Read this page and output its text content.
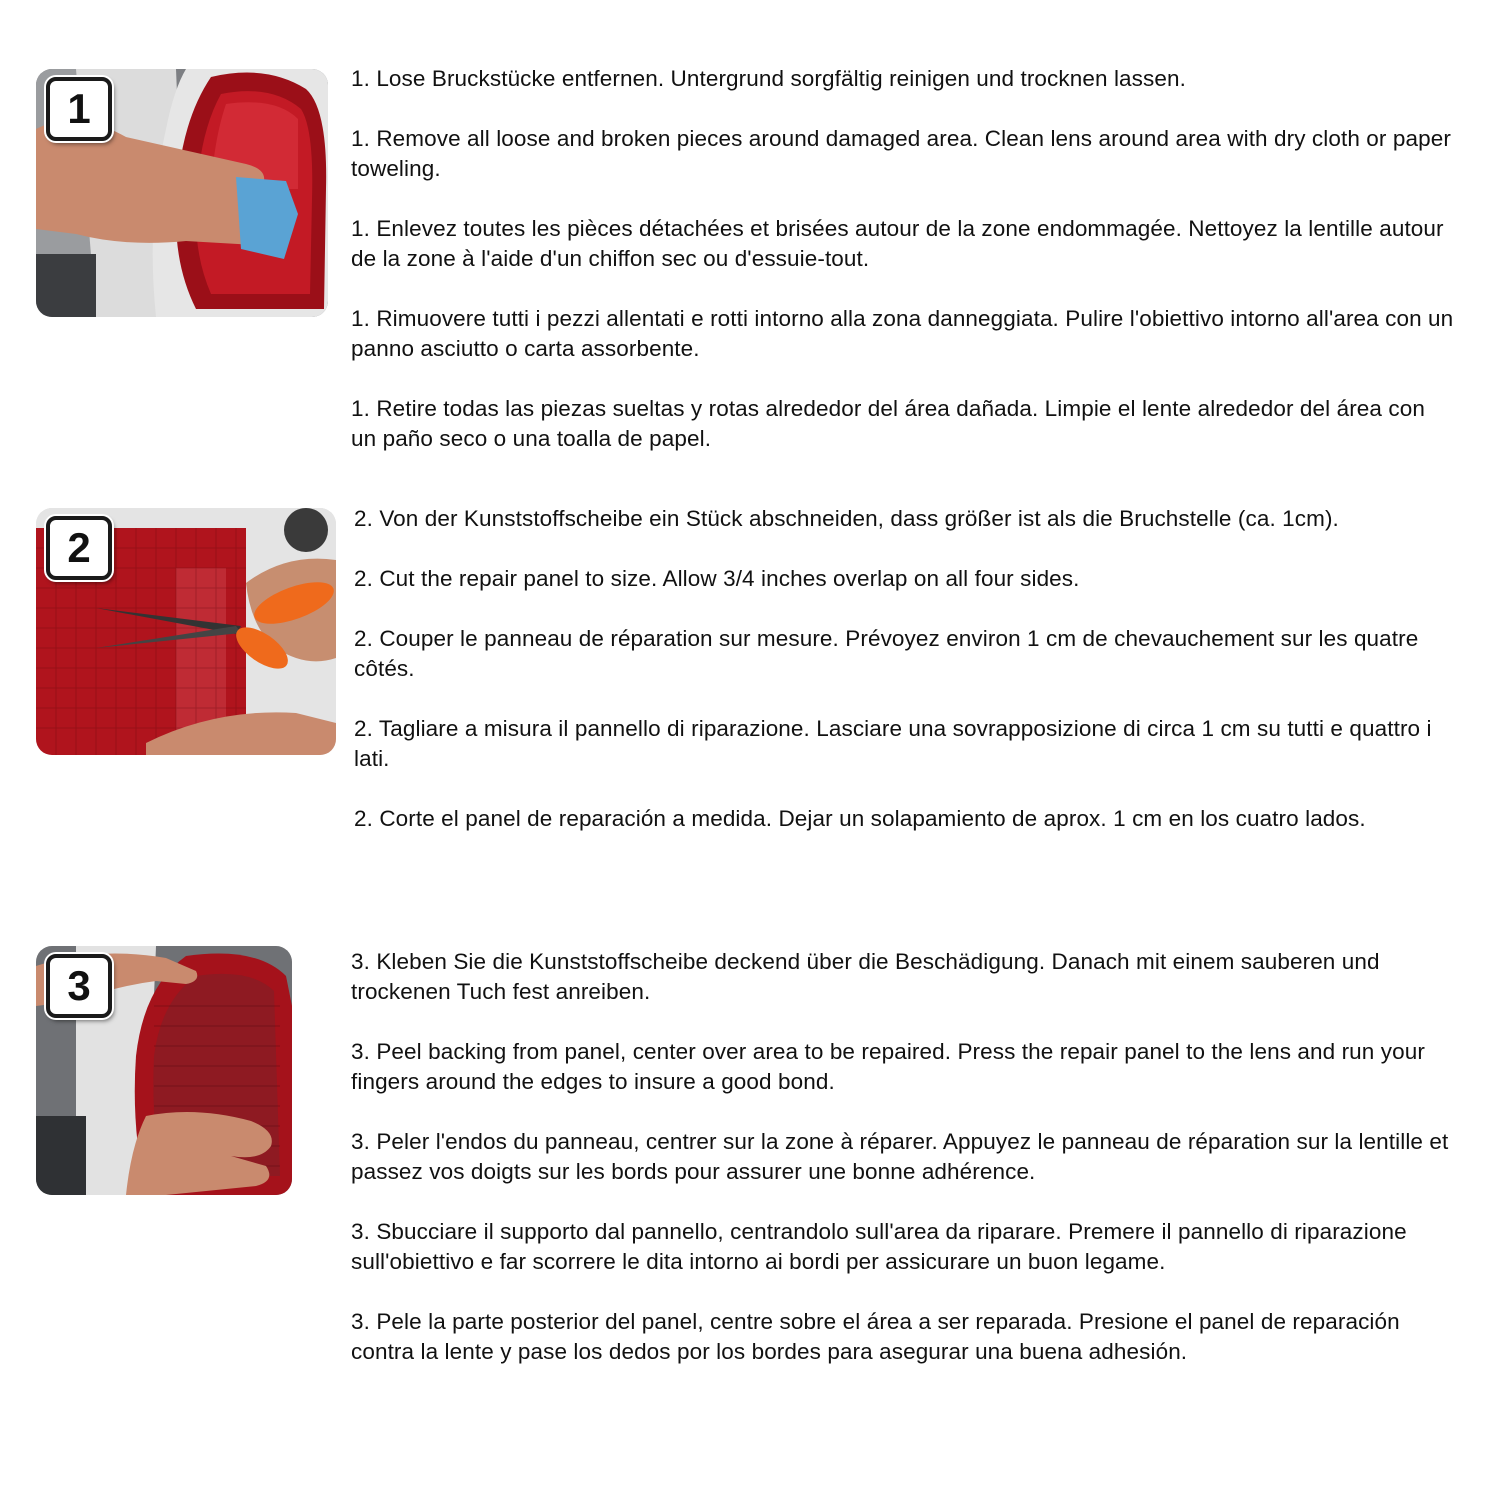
1

1. Lose Bruckstücke entfernen. Untergrund sorgfältig reinigen und trocknen lassen.

1. Remove all loose and broken pieces around damaged area. Clean lens around area with dry cloth or paper toweling.

1. Enlevez toutes les pièces détachées et brisées autour de la zone endommagée. Nettoyez la lentille autour de la zone à l'aide d'un chiffon sec ou d'essuie-tout.

1. Rimuovere tutti i pezzi allentati e rotti intorno alla zona danneggiata. Pulire l'obiettivo intorno all'area con un panno asciutto o carta assorbente.

1. Retire todas las piezas sueltas y rotas alrededor del área dañada. Limpie el lente alrededor del área con un paño seco o una toalla de papel.

2

2. Von der Kunststoffscheibe ein Stück abschneiden, dass größer ist als die Bruchstelle (ca. 1cm).

2. Cut the repair panel to size. Allow 3/4 inches overlap on all four sides.

2. Couper le panneau de réparation sur mesure. Prévoyez environ 1 cm de chevauchement sur les quatre côtés.

2. Tagliare a misura il pannello di riparazione. Lasciare una sovrapposizione di circa 1 cm su tutti e quattro i lati.

2. Corte el panel de reparación a medida. Dejar un solapamiento de aprox. 1 cm en los cuatro lados.

3

3. Kleben Sie die Kunststoffscheibe deckend über die Beschädigung. Danach mit einem sauberen und trockenen Tuch fest anreiben.

3. Peel backing from panel, center over area to be repaired. Press the repair panel to the lens and run your fingers around the edges to insure a good bond.

3. Peler l'endos du panneau, centrer sur la zone à réparer. Appuyez le panneau de réparation sur la lentille et passez vos doigts sur les bords pour assurer une bonne adhérence.

3. Sbucciare il supporto dal pannello, centrandolo sull'area da riparare. Premere il pannello di riparazione sull'obiettivo e far scorrere le dita intorno ai bordi per assicurare un buon legame.

3. Pele la parte posterior del panel, centre sobre el área a ser reparada. Presione el panel de reparación contra la lente y pase los dedos por los bordes para asegurar una buena adhesión.
